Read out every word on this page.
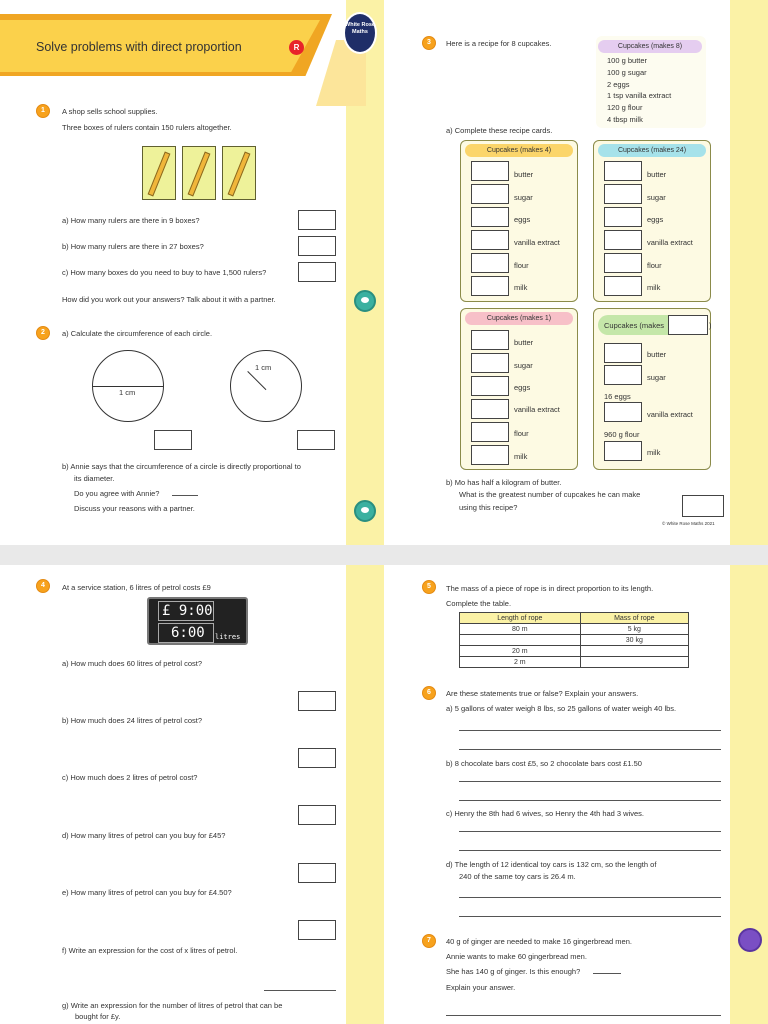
Solve problems with direct proportion	R
White Rose Maths
1	A shop sells school supplies.
Three boxes of rulers contain 150 rulers altogether.
a) How many rulers are there in 9 boxes?
b) How many rulers are there in 27 boxes?
c) How many boxes do you need to buy to have 1,500 rulers?
How did you work out your answers? Talk about it with a partner.
2	a) Calculate the circumference of each circle.
1 cm
1 cm
b) Annie says that the circumference of a circle is directly proportional to
its diameter.
Do you agree with Annie?
Discuss your reasons with a partner.
3	Here is a recipe for 8 cupcakes.	Cupcakes (makes 8)
100 g butter
100 g sugar
2 eggs
1 tsp vanilla extract
120 g flour
4 tbsp milk
a) Complete these recipe cards.
Cupcakes (makes 4)
butter
sugar
eggs
vanilla extract
flour
milk
Cupcakes (makes 24)
butter
sugar
eggs
vanilla extract
flour
milk
Cupcakes (makes 1)
butter
sugar
eggs
vanilla extract
flour
milk
Cupcakes (makes	)
butter
sugar
16 eggs
vanilla extract
960 g flour
milk
b) Mo has half a kilogram of butter.
What is the greatest number of cupcakes he can make
using this recipe?
© White Rose Maths 2021
4	At a service station, 6 litres of petrol costs £9
£ 9:00
6:00	litres
a) How much does 60 litres of petrol cost?
b) How much does 24 litres of petrol cost?
c) How much does 2 litres of petrol cost?
d) How many litres of petrol can you buy for £45?
e) How many litres of petrol can you buy for £4.50?
f) Write an expression for the cost of x litres of petrol.
g) Write an expression for the number of litres of petrol that can be
bought for £y.
5	The mass of a piece of rope is in direct proportion to its length.
Complete the table.
Length of rope	Mass of rope
80 m	5 kg
	30 kg
20 m	
2 m	
6	Are these statements true or false? Explain your answers.
a) 5 gallons of water weigh 8 lbs, so 25 gallons of water weigh 40 lbs.
b) 8 chocolate bars cost £5, so 2 chocolate bars cost £1.50
c) Henry the 8th had 6 wives, so Henry the 4th had 3 wives.
d) The length of 12 identical toy cars is 132 cm, so the length of
240 of the same toy cars is 26.4 m.
7	40 g of ginger are needed to make 16 gingerbread men.
Annie wants to make 60 gingerbread men.
She has 140 g of ginger. Is this enough?
Explain your answer.
